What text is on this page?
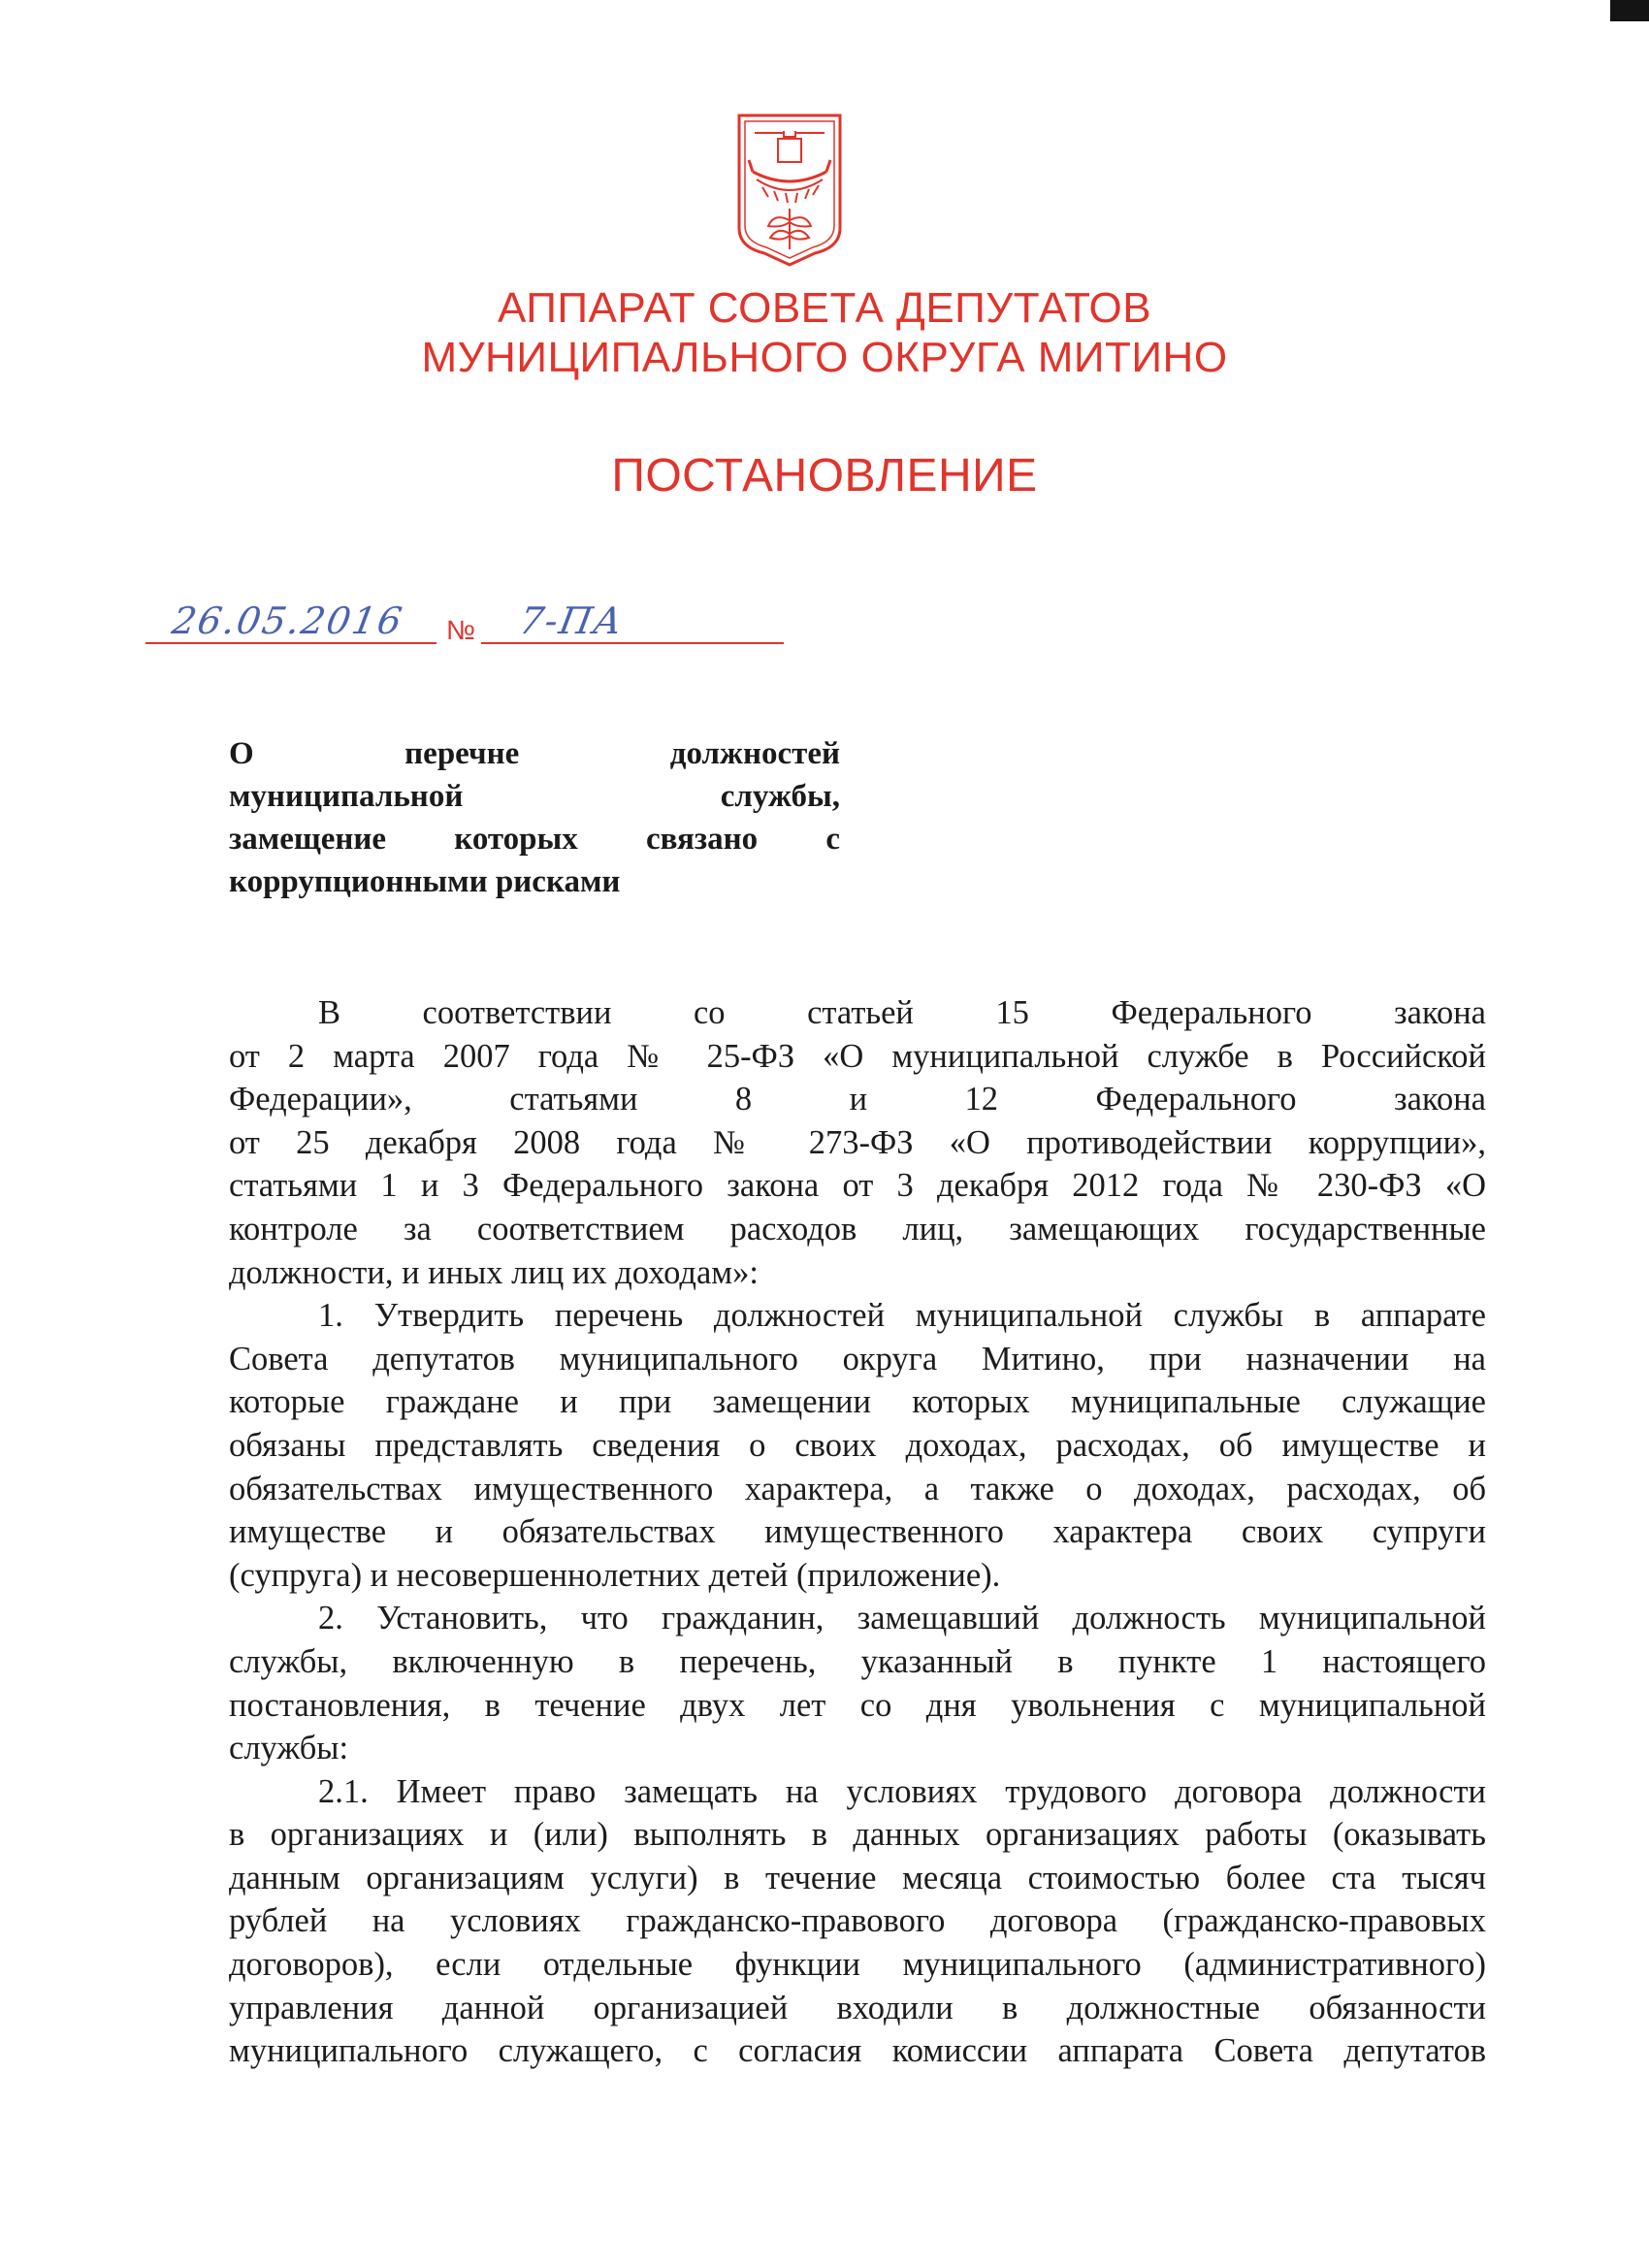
АППАРАТ СОВЕТА ДЕПУТАТОВ
МУНИЦИПАЛЬНОГО ОКРУГА МИТИНО
ПОСТАНОВЛЕНИЕ
26.05.2016 № 7-ПА
О перечне должностей
муниципальной службы,
замещение которых связано с
коррупционными рисками
В соответствии со статьей 15 Федерального закона
от 2 марта 2007 года № 25-ФЗ «О муниципальной службе в Российской
Федерации», статьями 8 и 12 Федерального закона
от 25 декабря 2008 года № 273-ФЗ «О противодействии коррупции»,
статьями 1 и 3 Федерального закона от 3 декабря 2012 года № 230-ФЗ «О
контроле за соответствием расходов лиц, замещающих государственные
должности, и иных лиц их доходам»:
1. Утвердить перечень должностей муниципальной службы в аппарате
Совета депутатов муниципального округа Митино, при назначении на
которые граждане и при замещении которых муниципальные служащие
обязаны представлять сведения о своих доходах, расходах, об имуществе и
обязательствах имущественного характера, а также о доходах, расходах, об
имуществе и обязательствах имущественного характера своих супруги
(супруга) и несовершеннолетних детей (приложение).
2. Установить, что гражданин, замещавший должность муниципальной
службы, включенную в перечень, указанный в пункте 1 настоящего
постановления, в течение двух лет со дня увольнения с муниципальной
службы:
2.1. Имеет право замещать на условиях трудового договора должности
в организациях и (или) выполнять в данных организациях работы (оказывать
данным организациям услуги) в течение месяца стоимостью более ста тысяч
рублей на условиях гражданско-правового договора (гражданско-правовых
договоров), если отдельные функции муниципального (административного)
управления данной организацией входили в должностные обязанности
муниципального служащего, с согласия комиссии аппарата Совета депутатов
